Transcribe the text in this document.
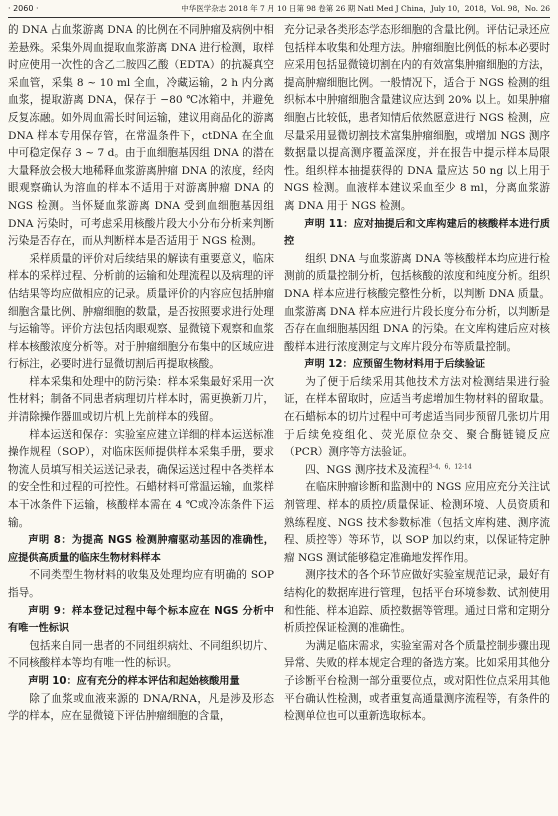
· 2060 ·	中华医学杂志 2018 年 7 月 10 日第 98 卷第 26 期 Natl Med J China，July 10，2018，Vol. 98，No. 26

的 DNA 占血浆游离 DNA 的比例在不同肿瘤及病例中相差悬殊。采集外周血提取血浆游离 DNA 进行检测，取样时应使用一次性的含乙二胺四乙酸（EDTA）的抗凝真空采血管，采集 8 ~ 10 ml 全血，冷藏运输，2 h 内分离血浆，提取游离 DNA，保存于 −80 ℃冰箱中，并避免反复冻融。如外周血需长时间运输，建议用商品化的游离 DNA 样本专用保存管，在常温条件下，ctDNA 在全血中可稳定保存 3 ~ 7 d。由于血细胞基因组 DNA 的潜在大量释放会极大地稀释血浆游离肿瘤 DNA 的浓度，经肉眼观察确认为溶血的样本不适用于对游离肿瘤 DNA 的 NGS 检测。当怀疑血浆游离 DNA 受到血细胞基因组 DNA 污染时，可考虑采用核酸片段大小分布分析来判断污染是否存在，而从判断样本是否适用于 NGS 检测。

采样质量的评价对后续结果的解读有重要意义，临床样本的采样过程、分析前的运输和处理流程以及病理的评估结果等均应做相应的记录。质量评价的内容应包括肿瘤细胞含量比例、肿瘤细胞的数量，是否按照要求进行处理与运输等。评价方法包括肉眼观察、显微镜下观察和血浆样本核酸浓度分析等。对于肿瘤细胞分布集中的区域应进行标注，必要时进行显微切割后再提取核酸。

样本采集和处理中的防污染：样本采集最好采用一次性材料；制备不同患者病理切片样本时，需更换新刀片，并清除操作器皿或切片机上先前样本的残留。

样本运送和保存：实验室应建立详细的样本运送标准操作规程（SOP），对临床医师提供样本采集手册，要求物流人员填写相关运送记录表，确保运送过程中各类样本的安全性和过程的可控性。石蜡材料可常温运输，血浆样本干冰条件下运输，核酸样本需在 4 ℃或冷冻条件下运输。

声明 8：为提高 NGS 检测肿瘤驱动基因的准确性，应提供高质量的临床生物材料样本

不同类型生物材料的收集及处理均应有明确的 SOP 指导。

声明 9：样本登记过程中每个标本应在 NGS 分析中有唯一性标识

包括来自同一患者的不同组织病灶、不同组织切片、不同核酸样本等均有唯一性的标识。

声明 10：应有充分的样本评估和起始核酸用量

除了血浆或血液来源的 DNA/RNA，凡是涉及形态学的样本，应在显微镜下评估肿瘤细胞的含量，

充分记录各类形态学态形细胞的含量比例。评估记录还应包括样本收集和处理方法。肿瘤细胞比例低的标本必要时应采用包括显微镜切割在内的有效富集肿瘤细胞的方法，提高肿瘤细胞比例。一般情况下，适合于 NGS 检测的组织标本中肿瘤细胞含量建议应达到 20% 以上。如果肿瘤细胞占比较低，患者知情后依然愿意进行 NGS 检测，应尽量采用显微切割技术富集肿瘤细胞，或增加 NGS 测序数据量以提高测序覆盖深度，并在报告中提示样本局限性。组织样本抽提获得的 DNA 量应达 50 ng 以上用于 NGS 检测。血液样本建议采血至少 8 ml，分离血浆游离 DNA 用于 NGS 检测。

声明 11：应对抽提后和文库构建后的核酸样本进行质控

组织 DNA 与血浆游离 DNA 等核酸样本均应进行检测前的质量控制分析，包括核酸的浓度和纯度分析。组织 DNA 样本应进行核酸完整性分析，以判断 DNA 质量。血浆游离 DNA 样本应进行片段长度分布分析，以判断是否存在血细胞基因组 DNA 的污染。在文库构建后应对核酸样本进行浓度测定与文库片段分布等质量控制。

声明 12：应预留生物材料用于后续验证

为了便于后续采用其他技术方法对检测结果进行验证，在样本留取时，应适当考虑增加生物材料的留取量。在石蜡标本的切片过程中可考虑适当同步预留几张切片用于后续免疫组化、荧光原位杂交、聚合酶链镜反应（PCR）测序等方法验证。

四、NGS 测序技术及流程$^{3-4,6,12-14}$

在临床肿瘤诊断和监测中的 NGS 应用应充分关注试剂管理、样本的质控/质量保证、检测环境、人员资质和熟练程度、NGS 技术参数标准（包括文库构建、测序流程、质控等）等环节，以 SOP 加以约束，以保证特定肿瘤 NGS 测试能够稳定准确地发挥作用。

测序技术的各个环节应做好实验室规范记录，最好有结构化的数据库进行管理，包括平台环境参数、试剂使用和性能、样本追踪、质控数据等管理。通过日常和定期分析质控保证检测的准确性。

为满足临床需求，实验室需对各个质量控制步骤出现异常、失败的样本规定合理的备选方案。比如采用其他分子诊断平台检测一部分重要位点，或对阳性位点采用其他平台确认性检测，或者重复高通量测序流程等，有条件的检测单位也可以重新选取标本。
